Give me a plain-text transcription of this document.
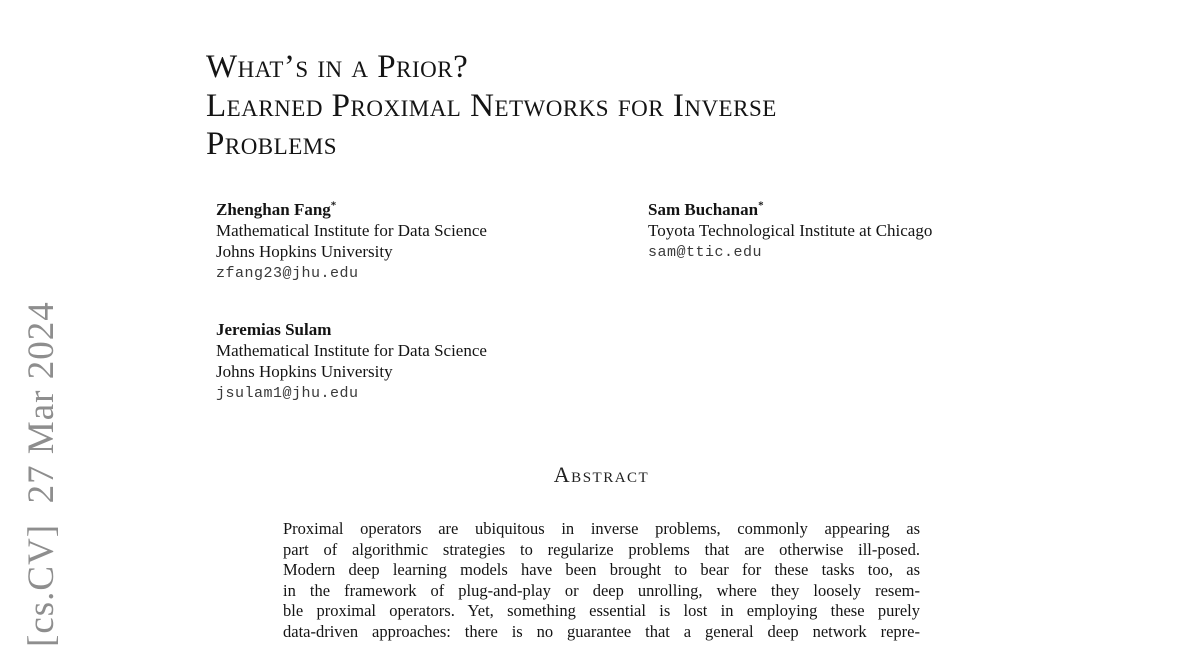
[cs.CV]  27 Mar 2024
What’s in a Prior?
Learned Proximal Networks for Inverse
Problems
Zhenghan Fang*
Mathematical Institute for Data Science
Johns Hopkins University
zfang23@jhu.edu
Sam Buchanan*
Toyota Technological Institute at Chicago
sam@ttic.edu
Jeremias Sulam
Mathematical Institute for Data Science
Johns Hopkins University
jsulam1@jhu.edu
Abstract
Proximal operators are ubiquitous in inverse problems, commonly appearing as
part of algorithmic strategies to regularize problems that are otherwise ill-posed.
Modern deep learning models have been brought to bear for these tasks too, as
in the framework of plug-and-play or deep unrolling, where they loosely resem-
ble proximal operators. Yet, something essential is lost in employing these purely
data-driven approaches: there is no guarantee that a general deep network repre-
